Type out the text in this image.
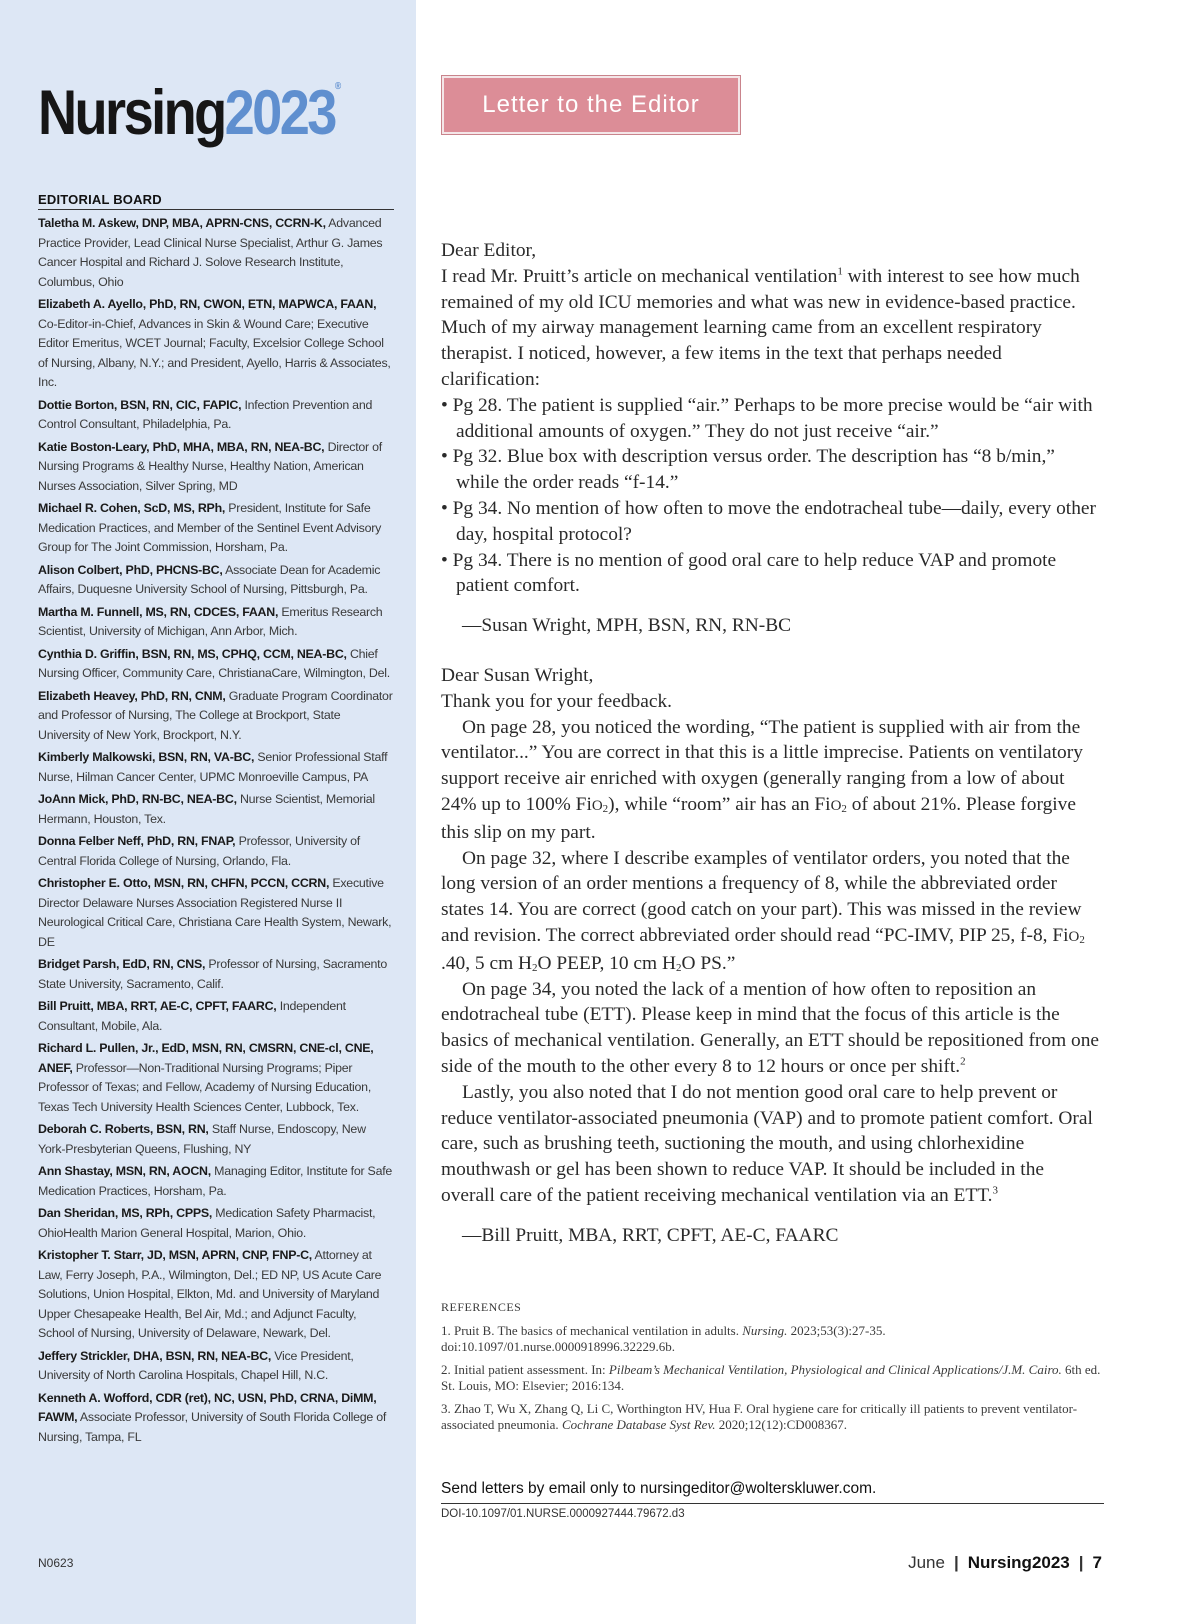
Nursing2023®
EDITORIAL BOARD
Taletha M. Askew, DNP, MBA, APRN-CNS, CCRN-K, Advanced Practice Provider, Lead Clinical Nurse Specialist, Arthur G. James Cancer Hospital and Richard J. Solove Research Institute, Columbus, Ohio
Elizabeth A. Ayello, PhD, RN, CWON, ETN, MAPWCA, FAAN, Co-Editor-in-Chief, Advances in Skin & Wound Care; Executive Editor Emeritus, WCET Journal; Faculty, Excelsior College School of Nursing, Albany, N.Y.; and President, Ayello, Harris & Associates, Inc.
Dottie Borton, BSN, RN, CIC, FAPIC, Infection Prevention and Control Consultant, Philadelphia, Pa.
Katie Boston-Leary, PhD, MHA, MBA, RN, NEA-BC, Director of Nursing Programs & Healthy Nurse, Healthy Nation, American Nurses Association, Silver Spring, MD
Michael R. Cohen, ScD, MS, RPh, President, Institute for Safe Medication Practices, and Member of the Sentinel Event Advisory Group for The Joint Commission, Horsham, Pa.
Alison Colbert, PhD, PHCNS-BC, Associate Dean for Academic Affairs, Duquesne University School of Nursing, Pittsburgh, Pa.
Martha M. Funnell, MS, RN, CDCES, FAAN, Emeritus Research Scientist, University of Michigan, Ann Arbor, Mich.
Cynthia D. Griffin, BSN, RN, MS, CPHQ, CCM, NEA-BC, Chief Nursing Officer, Community Care, ChristianaCare, Wilmington, Del.
Elizabeth Heavey, PhD, RN, CNM, Graduate Program Coordinator and Professor of Nursing, The College at Brockport, State University of New York, Brockport, N.Y.
Kimberly Malkowski, BSN, RN, VA-BC, Senior Professional Staff Nurse, Hilman Cancer Center, UPMC Monroeville Campus, PA
JoAnn Mick, PhD, RN-BC, NEA-BC, Nurse Scientist, Memorial Hermann, Houston, Tex.
Donna Felber Neff, PhD, RN, FNAP, Professor, University of Central Florida College of Nursing, Orlando, Fla.
Christopher E. Otto, MSN, RN, CHFN, PCCN, CCRN, Executive Director Delaware Nurses Association Registered Nurse II Neurological Critical Care, Christiana Care Health System, Newark, DE
Bridget Parsh, EdD, RN, CNS, Professor of Nursing, Sacramento State University, Sacramento, Calif.
Bill Pruitt, MBA, RRT, AE-C, CPFT, FAARC, Independent Consultant, Mobile, Ala.
Richard L. Pullen, Jr., EdD, MSN, RN, CMSRN, CNE-cl, CNE, ANEF, Professor—Non-Traditional Nursing Programs; Piper Professor of Texas; and Fellow, Academy of Nursing Education, Texas Tech University Health Sciences Center, Lubbock, Tex.
Deborah C. Roberts, BSN, RN, Staff Nurse, Endoscopy, New York-Presbyterian Queens, Flushing, NY
Ann Shastay, MSN, RN, AOCN, Managing Editor, Institute for Safe Medication Practices, Horsham, Pa.
Dan Sheridan, MS, RPh, CPPS, Medication Safety Pharmacist, OhioHealth Marion General Hospital, Marion, Ohio.
Kristopher T. Starr, JD, MSN, APRN, CNP, FNP-C, Attorney at Law, Ferry Joseph, P.A., Wilmington, Del.; ED NP, US Acute Care Solutions, Union Hospital, Elkton, Md. and University of Maryland Upper Chesapeake Health, Bel Air, Md.; and Adjunct Faculty, School of Nursing, University of Delaware, Newark, Del.
Jeffery Strickler, DHA, BSN, RN, NEA-BC, Vice President, University of North Carolina Hospitals, Chapel Hill, N.C.
Kenneth A. Wofford, CDR (ret), NC, USN, PhD, CRNA, DiMM, FAWM, Associate Professor, University of South Florida College of Nursing, Tampa, FL
N0623
Letter to the Editor

Dear Editor,

I read Mr. Pruitt’s article on mechanical ventilation$^1$ with interest to see how much remained of my old ICU memories and what was new in evidence-based practice. Much of my airway management learning came from an excellent respiratory therapist. I noticed, however, a few items in the text that perhaps needed clarification:

• Pg 28. The patient is supplied “air.” Perhaps to be more precise would be “air with additional amounts of oxygen.” They do not just receive “air.”
• Pg 32. Blue box with description versus order. The description has “8 b/min,” while the order reads “f-14.”
• Pg 34. No mention of how often to move the endotracheal tube—daily, every other day, hospital protocol?
• Pg 34. There is no mention of good oral care to help reduce VAP and promote patient comfort.

—Susan Wright, MPH, BSN, RN, RN-BC

Dear Susan Wright,

Thank you for your feedback.

On page 28, you noticed the wording, “The patient is supplied with air from the ventilator...” You are correct in that this is a little imprecise. Patients on ventilatory support receive air enriched with oxygen (generally ranging from a low of about 24% up to 100% FiO$_2$), while “room” air has an FiO$_2$ of about 21%. Please forgive this slip on my part.

On page 32, where I describe examples of ventilator orders, you noted that the long version of an order mentions a frequency of 8, while the abbreviated order states 14. You are correct (good catch on your part). This was missed in the review and revision. The correct abbreviated order should read “PC-IMV, PIP 25, f-8, FiO$_2$ .40, 5 cm $H_2O$ PEEP, 10 cm $H_2O$ PS.”

On page 34, you noted the lack of a mention of how often to reposition an endotracheal tube (ETT). Please keep in mind that the focus of this article is the basics of mechanical ventilation. Generally, an ETT should be repositioned from one side of the mouth to the other every 8 to 12 hours or once per shift.$^2$

Lastly, you also noted that I do not mention good oral care to help prevent or reduce ventilator-associated pneumonia (VAP) and to promote patient comfort. Oral care, such as brushing teeth, suctioning the mouth, and using chlorhexidine mouthwash or gel has been shown to reduce VAP. It should be included in the overall care of the patient receiving mechanical ventilation via an ETT.$^3$

—Bill Pruitt, MBA, RRT, CPFT, AE-C, FAARC

REFERENCES
1. Pruit B. The basics of mechanical ventilation in adults. Nursing. 2023;53(3):27-35. doi:10.1097/01.nurse.0000918996.32229.6b.
2. Initial patient assessment. In: Pilbeam’s Mechanical Ventilation, Physiological and Clinical Applications/J.M. Cairo. 6th ed. St. Louis, MO: Elsevier; 2016:134.
3. Zhao T, Wu X, Zhang Q, Li C, Worthington HV, Hua F. Oral hygiene care for critically ill patients to prevent ventilator-associated pneumonia. Cochrane Database Syst Rev. 2020;12(12):CD008367.
Send letters by email only to nursingeditor@wolterskluwer.com.
DOI-10.1097/01.NURSE.0000927444.79672.d3
June | Nursing2023 | 7
